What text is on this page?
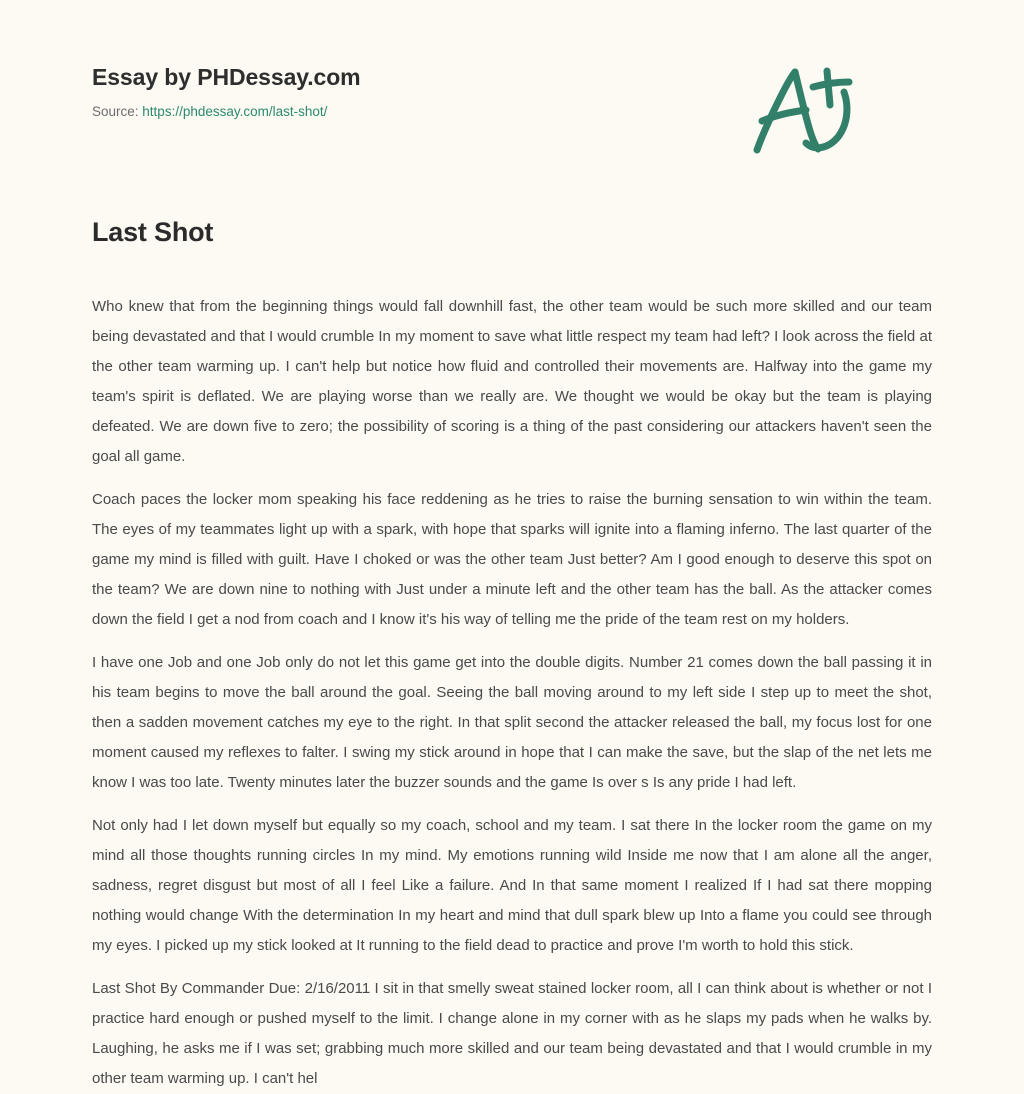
Essay by PHDessay.com
Source: https://phdessay.com/last-shot/
Last Shot

Who knew that from the beginning things would fall downhill fast, the other team would be such more skilled and our team being devastated and that I would crumble In my moment to save what little respect my team had left? I look across the field at the other team warming up. I can't help but notice how fluid and controlled their movements are. Halfway into the game my team's spirit is deflated. We are playing worse than we really are. We thought we would be okay but the team is playing defeated. We are down five to zero; the possibility of scoring is a thing of the past considering our attackers haven't seen the goal all game.

Coach paces the locker mom speaking his face reddening as he tries to raise the burning sensation to win within the team. The eyes of my teammates light up with a spark, with hope that sparks will ignite into a flaming inferno. The last quarter of the game my mind is filled with guilt. Have I choked or was the other team Just better? Am I good enough to deserve this spot on the team? We are down nine to nothing with Just under a minute left and the other team has the ball. As the attacker comes down the field I get a nod from coach and I know it's his way of telling me the pride of the team rest on my holders.

I have one Job and one Job only do not let this game get into the double digits. Number 21 comes down the ball passing it in his team begins to move the ball around the goal. Seeing the ball moving around to my left side I step up to meet the shot, then a sadden movement catches my eye to the right. In that split second the attacker released the ball, my focus lost for one moment caused my reflexes to falter. I swing my stick around in hope that I can make the save, but the slap of the net lets me know I was too late. Twenty minutes later the buzzer sounds and the game Is over s Is any pride I had left.

Not only had I let down myself but equally so my coach, school and my team. I sat there In the locker room the game on my mind all those thoughts running circles In my mind. My emotions running wild Inside me now that I am alone all the anger, sadness, regret disgust but most of all I feel Like a failure. And In that same moment I realized If I had sat there mopping nothing would change With the determination In my heart and mind that dull spark blew up Into a flame you could see through my eyes. I picked up my stick looked at It running to the field dead to practice and prove I'm worth to hold this stick.

Last Shot By Commander Due: 2/16/2011 I sit in that smelly sweat stained locker room, all I can think about is whether or not I practice hard enough or pushed myself to the limit. I change alone in my corner with as he slaps my pads when he walks by. Laughing, he asks me if I was set; grabbing much more skilled and our team being devastated and that I would crumble in my other team warming up. I can't hel
